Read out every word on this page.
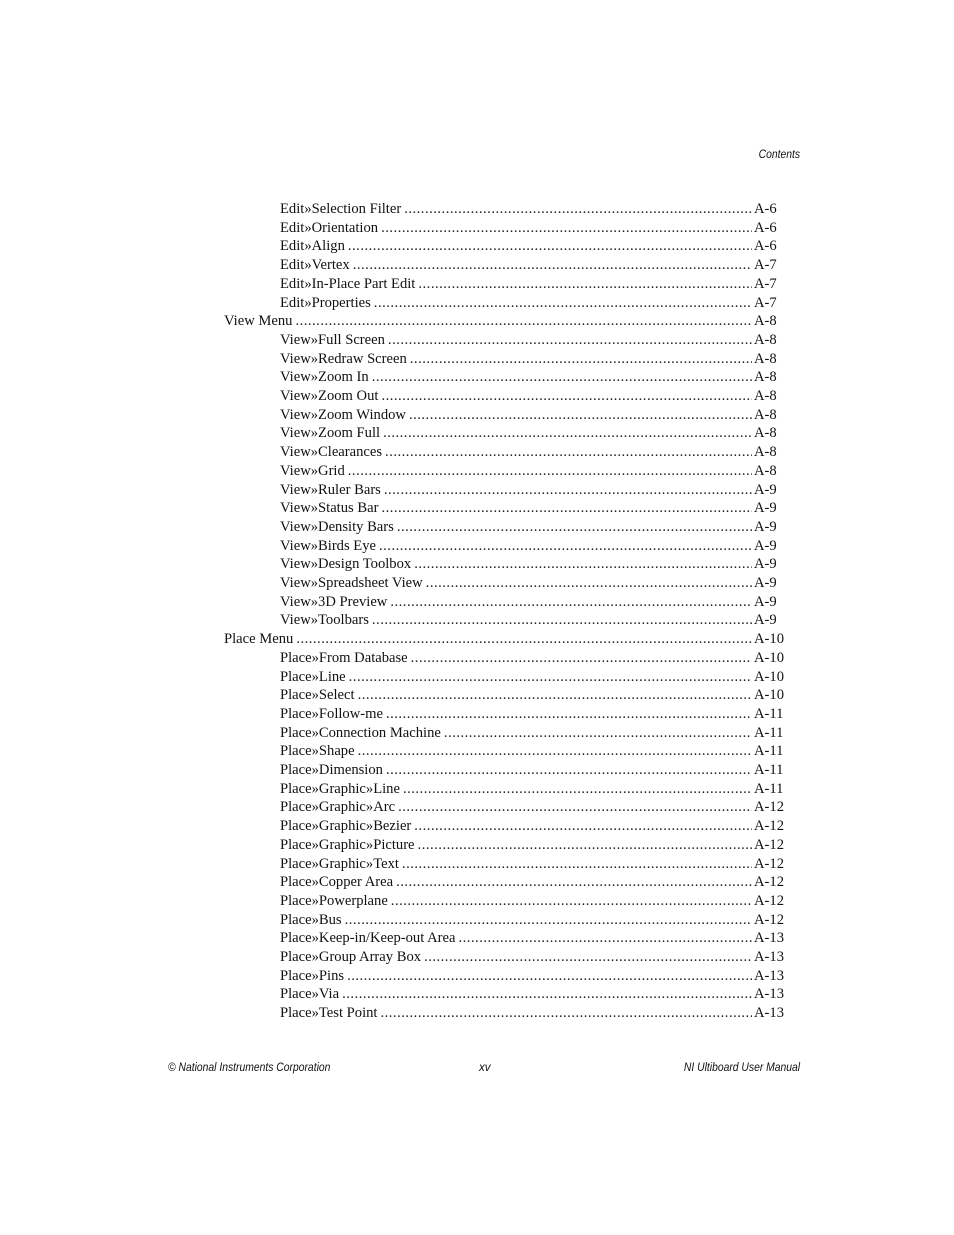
Contents
Edit»Selection Filter .....	A-6
Edit»Orientation .....	A-6
Edit»Align .....	A-6
Edit»Vertex .....	A-7
Edit»In-Place Part Edit .....	A-7
Edit»Properties .....	A-7
View Menu .....	A-8
View»Full Screen .....	A-8
View»Redraw Screen .....	A-8
View»Zoom In .....	A-8
View»Zoom Out .....	A-8
View»Zoom Window .....	A-8
View»Zoom Full .....	A-8
View»Clearances .....	A-8
View»Grid .....	A-8
View»Ruler Bars .....	A-9
View»Status Bar .....	A-9
View»Density Bars .....	A-9
View»Birds Eye .....	A-9
View»Design Toolbox .....	A-9
View»Spreadsheet View .....	A-9
View»3D Preview .....	A-9
View»Toolbars .....	A-9
Place Menu .....	A-10
Place»From Database .....	A-10
Place»Line .....	A-10
Place»Select .....	A-10
Place»Follow-me .....	A-11
Place»Connection Machine .....	A-11
Place»Shape .....	A-11
Place»Dimension .....	A-11
Place»Graphic»Line .....	A-11
Place»Graphic»Arc .....	A-12
Place»Graphic»Bezier .....	A-12
Place»Graphic»Picture .....	A-12
Place»Graphic»Text .....	A-12
Place»Copper Area .....	A-12
Place»Powerplane .....	A-12
Place»Bus .....	A-12
Place»Keep-in/Keep-out Area .....	A-13
Place»Group Array Box .....	A-13
Place»Pins .....	A-13
Place»Via .....	A-13
Place»Test Point .....	A-13
© National Instruments Corporation	xv	NI Ultiboard User Manual
